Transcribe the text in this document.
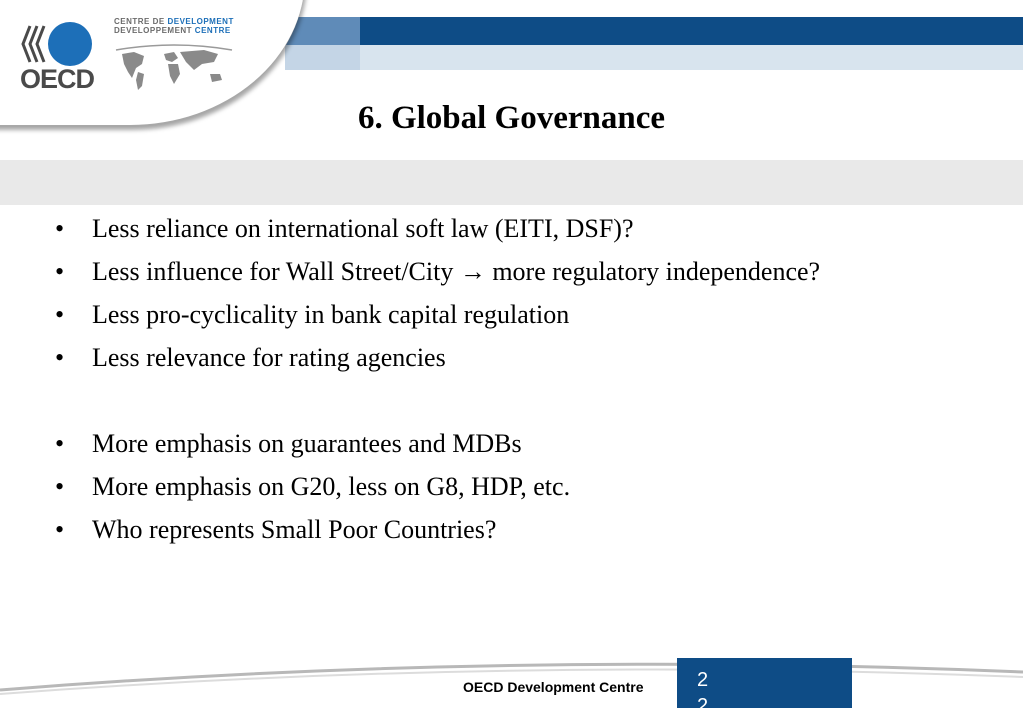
OECD
CENTRE DE DEVELOPMENT
DEVELOPPEMENT CENTRE
6. Global Governance
• Less reliance on international soft law (EITI, DSF)?
• Less influence for Wall Street/City → more regulatory independence?
• Less pro-cyclicality in bank capital regulation
• Less relevance for rating agencies
• More emphasis on guarantees and MDBs
• More emphasis on G20, less on G8, HDP, etc.
• Who represents Small Poor Countries?
OECD Development Centre	22
